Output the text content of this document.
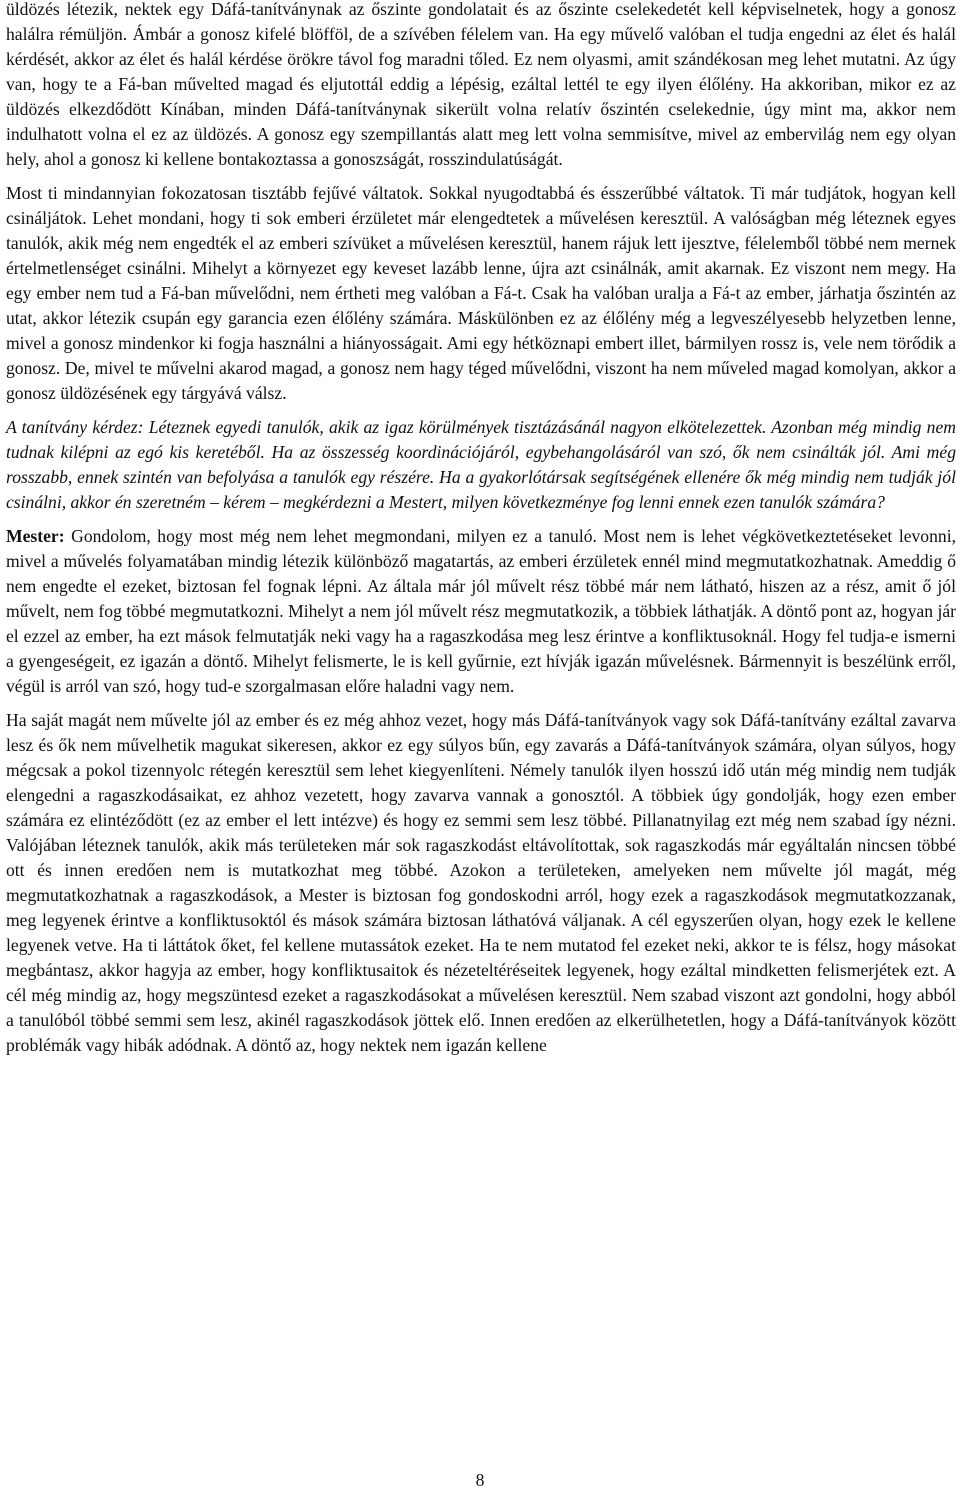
üldözés létezik, nektek egy Dáfá-tanítványnak az őszinte gondolatait és az őszinte cselekedetét kell képviselnetek, hogy a gonosz halálra rémüljön. Ámbár a gonosz kifelé blöfföl, de a szívében félelem van. Ha egy művelő valóban el tudja engedni az élet és halál kérdését, akkor az élet és halál kérdése örökre távol fog maradni tőled. Ez nem olyasmi, amit szándékosan meg lehet mutatni. Az úgy van, hogy te a Fá-ban művelted magad és eljutottál eddig a lépésig, ezáltal lettél te egy ilyen élőlény. Ha akkoriban, mikor ez az üldözés elkezdődött Kínában, minden Dáfá-tanítványnak sikerült volna relatív őszintén cselekednie, úgy mint ma, akkor nem indulhatott volna el ez az üldözés. A gonosz egy szempillantás alatt meg lett volna semmisítve, mivel az embervilág nem egy olyan hely, ahol a gonosz ki kellene bontakoztassa a gonoszságát, rosszindulatúságát.

Most ti mindannyian fokozatosan tisztább fejűvé váltatok. Sokkal nyugodtabbá és ésszerűbbé váltatok. Ti már tudjátok, hogyan kell csinálјátok. Lehet mondani, hogy ti sok emberi érzületet már elengedtetek a művelésen keresztül. A valóságban még léteznek egyes tanulók, akik még nem engedték el az emberi szívüket a művelésen keresztül, hanem rájuk lett ijesztve, félelemből többé nem mernek értelmetlenséget csinálni. Mihelyt a környezet egy keveset lazább lenne, újra azt csinálnák, amit akarnak. Ez viszont nem megy. Ha egy ember nem tud a Fá-ban művelődni, nem értheti meg valóban a Fá-t. Csak ha valóban uralja a Fá-t az ember, járhatja őszintén az utat, akkor létezik csupán egy garancia ezen élőlény számára. Máskülönben ez az élőlény még a legveszélyesebb helyzetben lenne, mivel a gonosz mindenkor ki fogja használni a hiányosságait. Ami egy hétköznapi embert illet, bármilyen rossz is, vele nem törődik a gonosz. De, mivel te művelni akarod magad, a gonosz nem hagy téged művelődni, viszont ha nem műveled magad komolyan, akkor a gonosz üldözésének egy tárgyává válsz.

A tanítvány kérdez: Léteznek egyedi tanulók, akik az igaz körülmények tisztázásánál nagyon elkötelezettek. Azonban még mindig nem tudnak kilépni az egó kis keretéből. Ha az összesség koordinációjáról, egybehangolásáról van szó, ők nem csinálták jól. Ami még rosszabb, ennek szintén van befolyása a tanulók egy részére. Ha a gyakorlótársak segítségének ellenére ők még mindig nem tudják jól csinálni, akkor én szeretném – kérem – megkérdezni a Mestert, milyen következménye fog lenni ennek ezen tanulók számára?

Mester: Gondolom, hogy most még nem lehet megmondani, milyen ez a tanuló. Most nem is lehet végkövetkeztetéseket levonni, mivel a művelés folyamatában mindig létezik különböző magatartás, az emberi érzületek ennél mind megmutatkozhatnak. Ameddig ő nem engedte el ezeket, biztosan fel fognak lépni. Az általa már jól művelt rész többé már nem látható, hiszen az a rész, amit ő jól művelt, nem fog többé megmutatkozni. Mihelyt a nem jól művelt rész megmutatkozik, a többiek láthatják. A döntő pont az, hogyan jár el ezzel az ember, ha ezt mások felmutatják neki vagy ha a ragaszkodása meg lesz érintve a konfliktusoknál. Hogy fel tudja-e ismerni a gyengeségeit, ez igazán a döntő. Mihelyt felismerte, le is kell gyűrnie, ezt hívják igazán művelésnek. Bármennyit is beszélünk erről, végül is arról van szó, hogy tud-e szorgalmasan előre haladni vagy nem.

Ha saját magát nem művelte jól az ember és ez még ahhoz vezet, hogy más Dáfá-tanítványok vagy sok Dáfá-tanítvány ezáltal zavarva lesz és ők nem művelhetik magukat sikeresen, akkor ez egy súlyos bűn, egy zavarás a Dáfá-tanítványok számára, olyan súlyos, hogy mégcsak a pokol tizennyolc rétegén keresztül sem lehet kiegyenlíteni. Némely tanulók ilyen hosszú idő után még mindig nem tudják elengedni a ragaszkodásaikat, ez ahhoz vezetett, hogy zavarva vannak a gonosztól. A többiek úgy gondolják, hogy ezen ember számára ez elintéződött (ez az ember el lett intézve) és hogy ez semmi sem lesz többé. Pillanatnyilag ezt még nem szabad így nézni. Valójában léteznek tanulók, akik más területeken már sok ragaszkodást eltávolítottak, sok ragaszkodás már egyáltalán nincsen többé ott és innen eredően nem is mutatkozhat meg többé. Azokon a területeken, amelyeken nem művelte jól magát, még megmutatkozhatnak a ragaszkodások, a Mester is biztosan fog gondoskodni arról, hogy ezek a ragaszkodások megmutatkozzanak, meg legyenek érintve a konfliktusoktól és mások számára biztosan láthatóvá váljanak. A cél egyszerűen olyan, hogy ezek le kellene legyenek vetve. Ha ti láttátok őket, fel kellene mutassátok ezeket. Ha te nem mutatod fel ezeket neki, akkor te is félsz, hogy másokat megbántasz, akkor hagyja az ember, hogy konfliktusaitok és nézeteltéréseitek legyenek, hogy ezáltal mindketten felismerjétek ezt. A cél még mindig az, hogy megszüntesd ezeket a ragaszkodásokat a művelésen keresztül. Nem szabad viszont azt gondolni, hogy abból a tanulóból többé semmi sem lesz, akinél ragaszkodások jöttek elő. Innen eredően az elkerülhetetlen, hogy a Dáfá-tanítványok között problémák vagy hibák adódnak. A döntő az, hogy nektek nem igazán kellene

8
